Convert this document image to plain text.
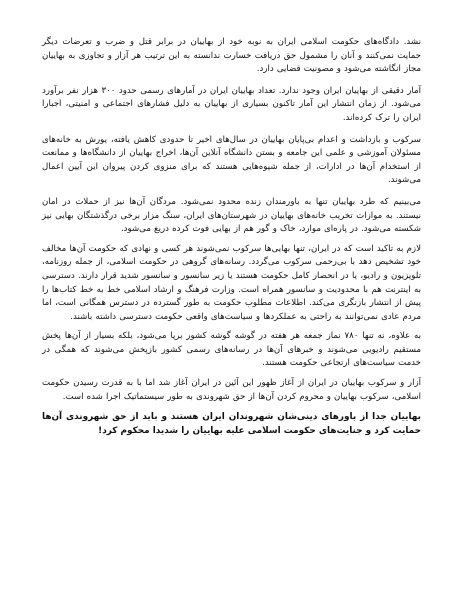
نشد. دادگاه‌های حکومت اسلامی ایران به نوبه خود از بهاییان در برابر قتل و ضرب و تعرضات دیگر حمایت نمی‌کنند و آنان را مشمول حق دریافت خسارت ندانسته به این ترتیب هر آزار و تجاوزی به بهاییان مجاز انگاشته می‌شود و مصونیت قضایی دارد.

آمار دقیقی از بهاییان ایران وجود ندارد. تعداد بهاییان ایران در آمارهای رسمی حدود ۳۰۰ هزار نفر برآورد می‌شود. از زمان انتشار این آمار تاکنون بسیاری از بهاییان به دلیل فشارهای اجتماعی و امنیتی، اجبارا ایران را ترک کرده‌اند.

سرکوب و بازداشت و اعدام بی‌پایان بهاییان در سال‌های اخیر تا حدودی کاهش یافته، یورش به خانه‌های مسئولان آموزشی و علمی این جامعه و بستن دانشگاه آنلاین آن‌ها، اخراج بهاییان از دانشگاه‌ها و ممانعت از استخدام آن‌ها در ادارات، از جمله شیوه‌هایی هستند که برای منزوی کردن پیروان این آیین اعمال می‌شوند.

می‌بینیم که طرد بهاییان تنها به باورمندان زنده محدود نمی‌شود. مردگان آن‌ها نیز از حملات در امان نیستند. به موازات تخریب خانه‌های بهاییان در شهرستان‌های ایران، سنگ مزار برخی درگذشتگان بهایی نیز شکسته می‌شود. در پاره‌ای موارد، خاک و گور هم از بهایی فوت کرده دریغ می‌شود.

لازم به تاکید است که در ایران، تنها بهایی‌ها سرکوب نمی‌شوند هر کسی و نهادی که حکومت آن‌ها مخالف خود تشخیص دهد با بی‌رحمی سرکوب می‌گردد. رسانه‌های گروهی در حکومت اسلامی، از جمله روزنامه، تلویزیون و رادیو، یا در انحصار کامل حکومت هستند یا زیر سانسور و سانسور شدید قرار دارند. دسترسی به اینترنت هم با محدودیت و سانسور همراه است. وزارت فرهنگ و ارشاد اسلامی خط به خط کتاب‌ها را پیش از انتشار بازنگری می‌کند. اطلاعات مطلوب حکومت به طور گسترده در دسترس همگانی است، اما مردم عادی نمی‌توانند به راحتی به عملکردها و سیاست‌های واقعی حکومت دسترسی داشته باشند.

به علاوه، نه تنها ۷۸۰ نماز جمعه هر هفته در گوشه گوشه کشور برپا می‌شود، بلکه بسیار از آن‌ها پخش مستقیم رادیویی می‌شوند و خبرهای آن‌ها در رسانه‌های رسمی کشور بازپخش می‌شوند که همگی در خدمت سیاست‌های ارتجاعی حکومت هستند.

آزار و سرکوب بهاییان در ایران از آغاز ظهور این آئین در ایران آغاز شد اما با به قدرت رسیدن حکومت اسلامی، سرکوب بهاییان و محروم کردن آن‌ها از حق شهروندی به طور سیستماتیک اجرا شده است.

بهاییان جدا از باورهای دینی‌شان شهروندان ایران هستند و باید از حق شهروندی آن‌ها حمایت کرد و جنایت‌های حکومت اسلامی علیه بهاییان را شدیدا محکوم کرد!
